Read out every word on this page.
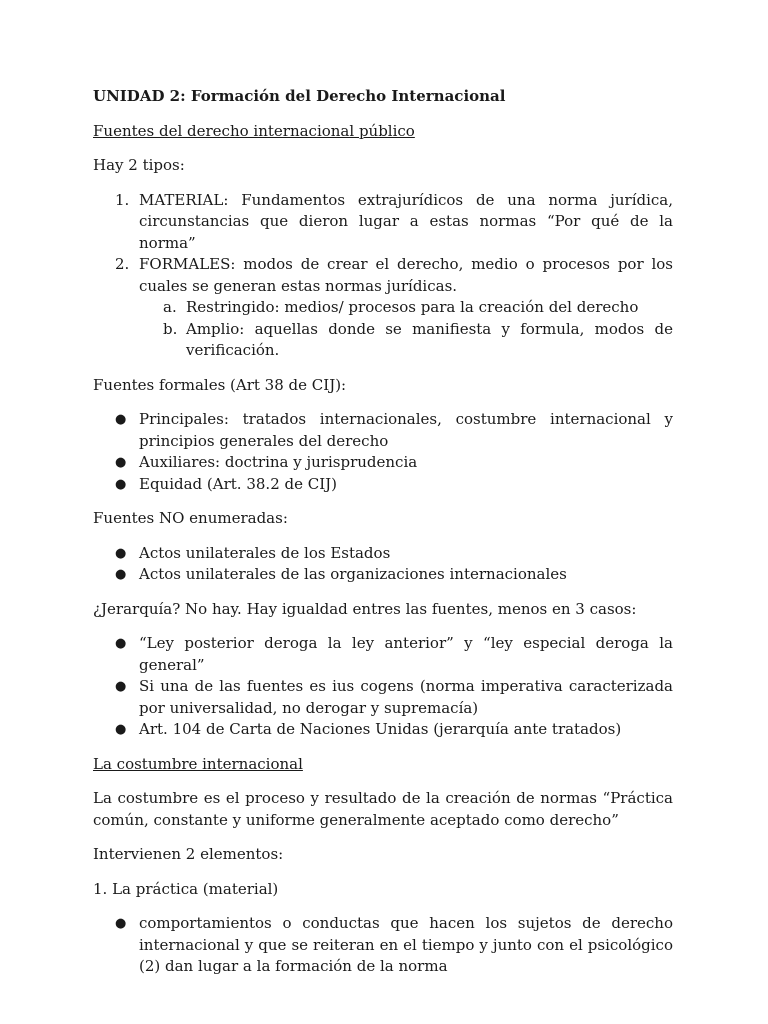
UNIDAD 2: Formación del Derecho Internacional

Fuentes del derecho internacional público

Hay 2 tipos:

1. MATERIAL: Fundamentos extrajurídicos de una norma jurídica, circunstancias que dieron lugar a estas normas “Por qué de la norma”
2. FORMALES: modos de crear el derecho, medio o procesos por los cuales se generan estas normas jurídicas.
a. Restringido: medios/ procesos para la creación del derecho
b. Amplio: aquellas donde se manifiesta y formula, modos de verificación.

Fuentes formales (Art 38 de CIJ):

● Principales: tratados internacionales, costumbre internacional y principios generales del derecho
● Auxiliares: doctrina y jurisprudencia
● Equidad (Art. 38.2 de CIJ)

Fuentes NO enumeradas:

● Actos unilaterales de los Estados
● Actos unilaterales de las organizaciones internacionales

¿Jerarquía? No hay. Hay igualdad entres las fuentes, menos en 3 casos:

● “Ley posterior deroga la ley anterior” y “ley especial deroga la general”
● Si una de las fuentes es ius cogens (norma imperativa caracterizada por universalidad, no derogar y supremacía)
● Art. 104 de Carta de Naciones Unidas (jerarquía ante tratados)

La costumbre internacional

La costumbre es el proceso y resultado de la creación de normas “Práctica común, constante y uniforme generalmente aceptado como derecho”

Intervienen 2 elementos:

1. La práctica (material)

● comportamientos o conductas que hacen los sujetos de derecho internacional y que se reiteran en el tiempo y junto con el psicológico (2) dan lugar a la formación de la norma
